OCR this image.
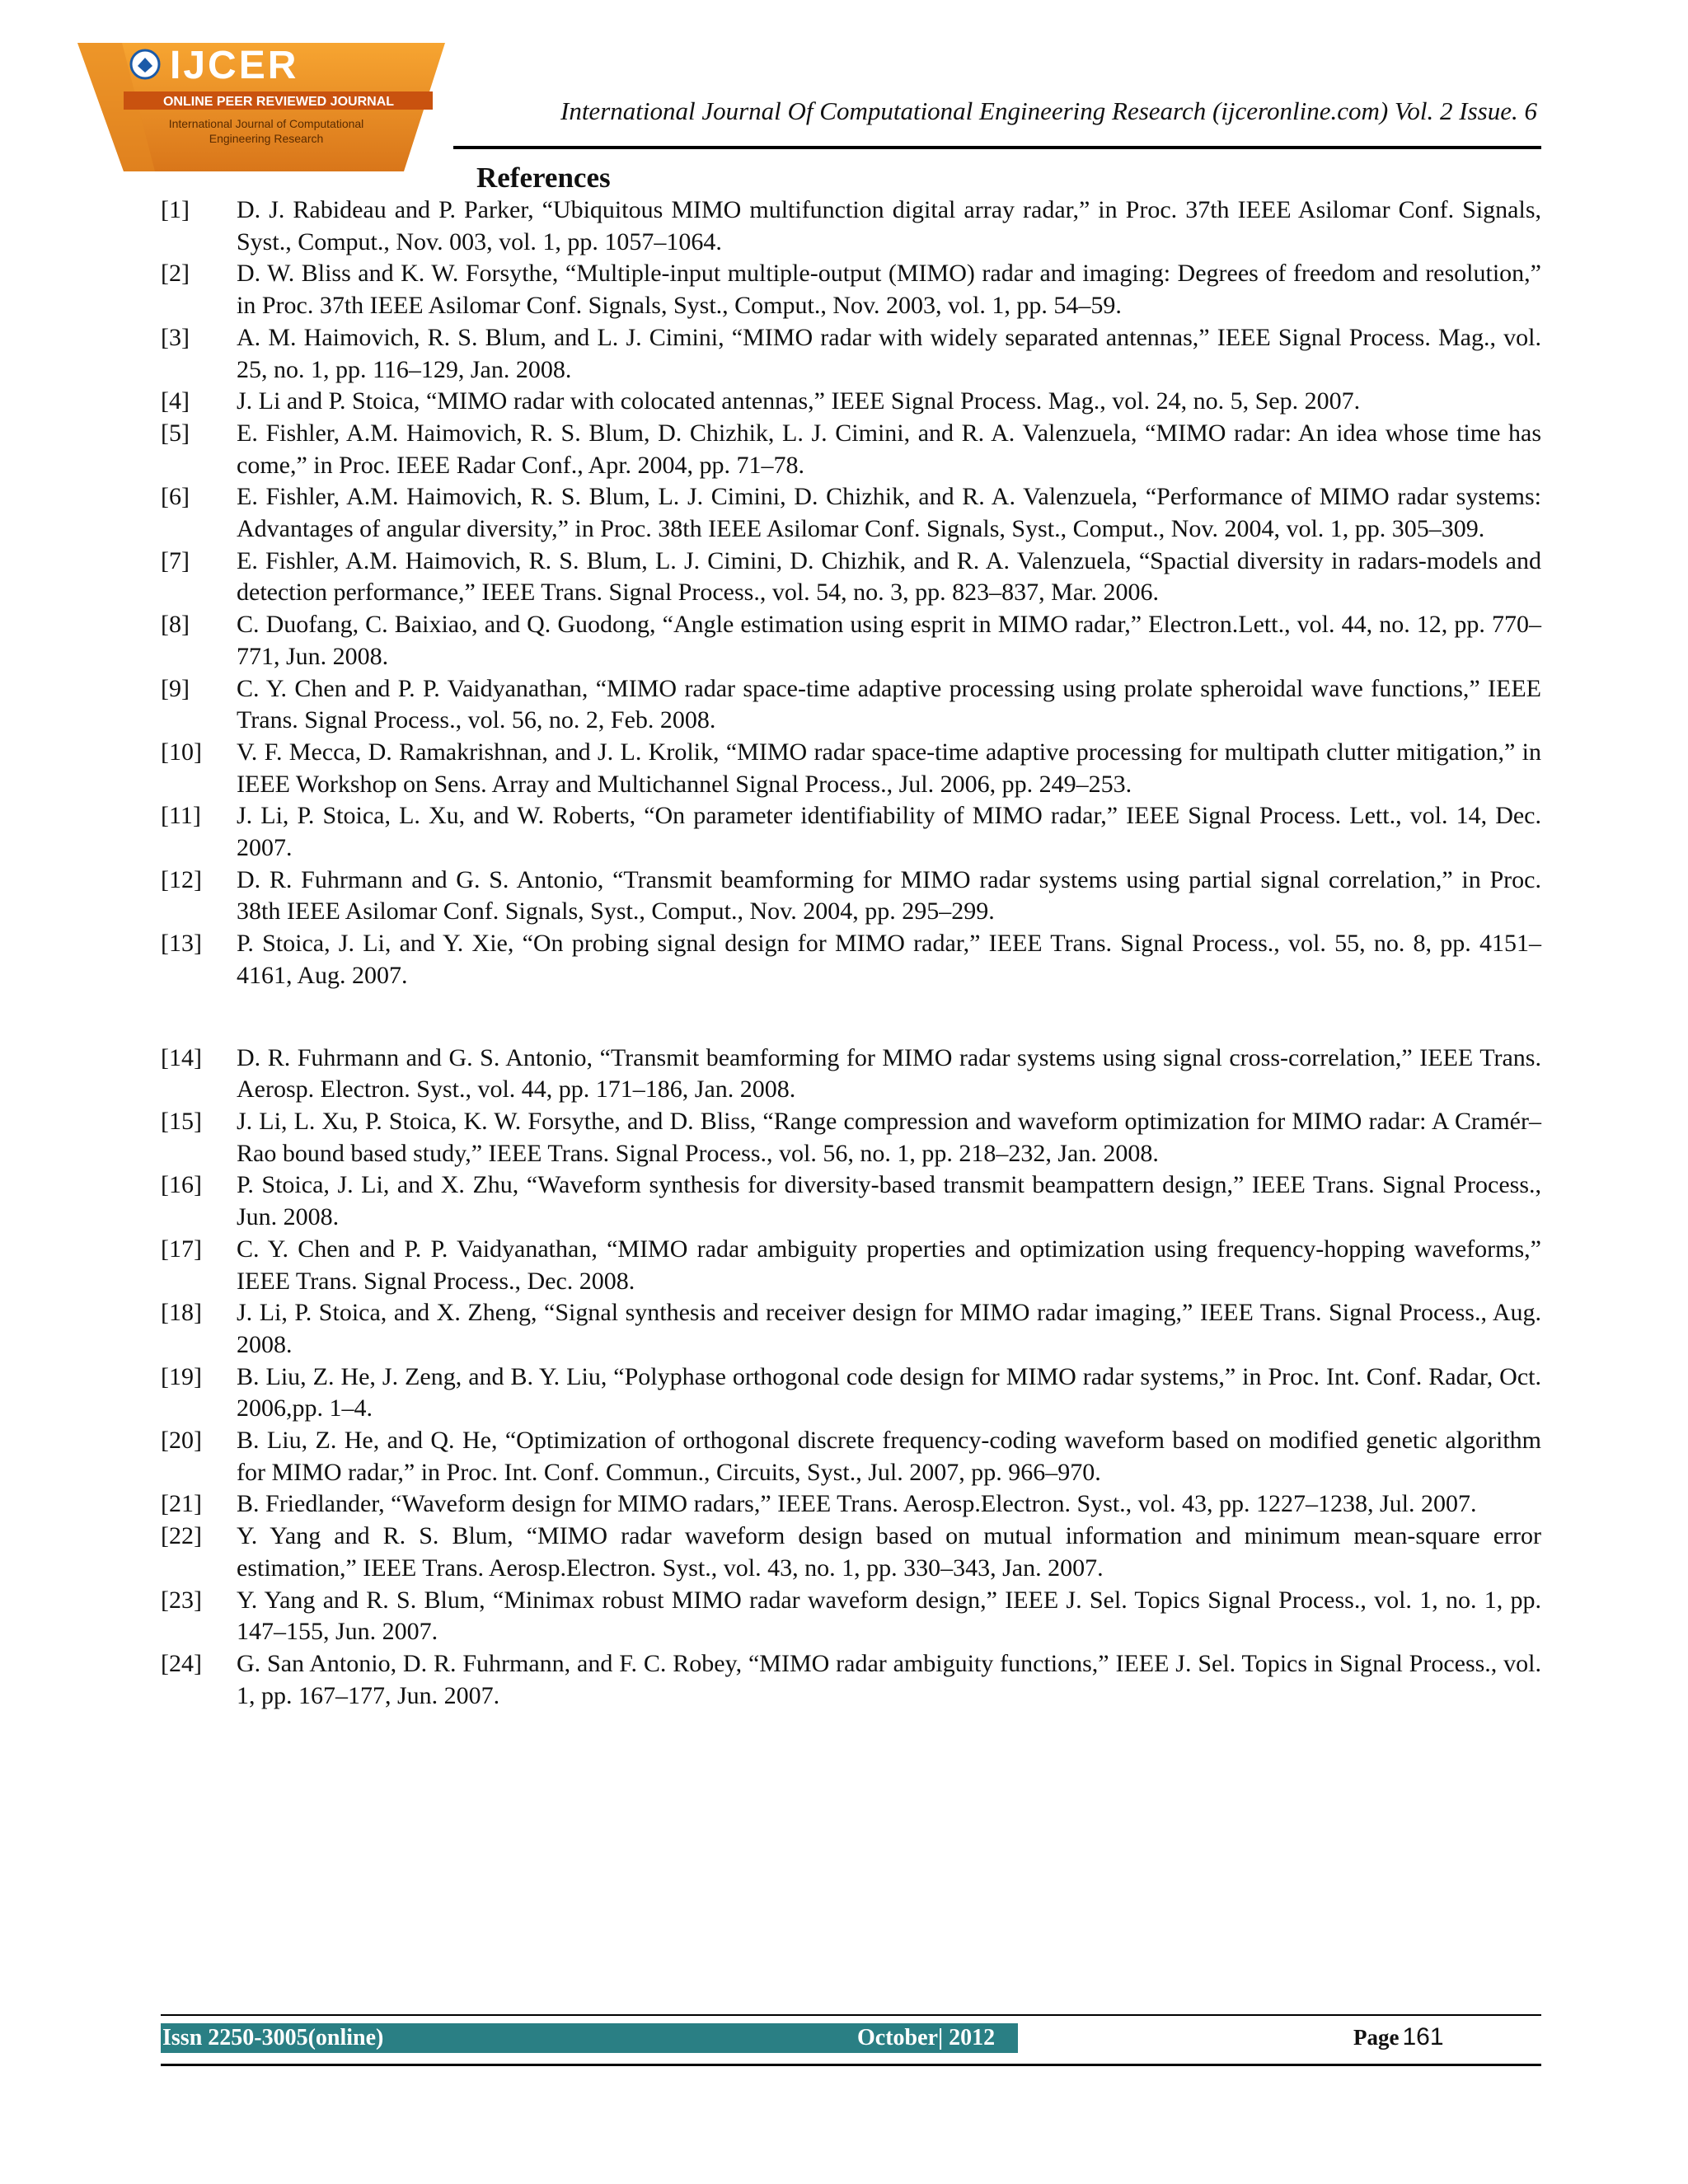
IJCER
ONLINE PEER REVIEWED JOURNAL
International Journal of Computational
Engineering Research
International Journal Of Computational Engineering Research (ijceronline.com) Vol. 2 Issue. 6
References
[1]	D. J. Rabideau and P. Parker, “Ubiquitous MIMO multifunction digital array radar,” in Proc. 37th IEEE Asilomar Conf. Signals, Syst., Comput., Nov. 003, vol. 1, pp. 1057–1064.
[2]	D. W. Bliss and K. W. Forsythe, “Multiple-input multiple-output (MIMO) radar and imaging: Degrees of freedom and resolution,” in Proc. 37th IEEE Asilomar Conf. Signals, Syst., Comput., Nov. 2003, vol. 1, pp. 54–59.
[3]	A. M. Haimovich, R. S. Blum, and L. J. Cimini, “MIMO radar with widely separated antennas,” IEEE Signal Process. Mag., vol. 25, no. 1, pp. 116–129, Jan. 2008.
[4]	J. Li and P. Stoica, “MIMO radar with colocated antennas,” IEEE Signal Process. Mag., vol. 24, no. 5, Sep. 2007.
[5]	E. Fishler, A.M. Haimovich, R. S. Blum, D. Chizhik, L. J. Cimini, and R. A. Valenzuela, “MIMO radar: An idea whose time has come,” in Proc. IEEE Radar Conf., Apr. 2004, pp. 71–78.
[6]	E. Fishler, A.M. Haimovich, R. S. Blum, L. J. Cimini, D. Chizhik, and R. A. Valenzuela, “Performance of MIMO radar systems: Advantages of angular diversity,” in Proc. 38th IEEE Asilomar Conf. Signals, Syst., Comput., Nov. 2004, vol. 1, pp. 305–309.
[7]	E. Fishler, A.M. Haimovich, R. S. Blum, L. J. Cimini, D. Chizhik, and R. A. Valenzuela, “Spactial diversity in radars-models and detection performance,” IEEE Trans. Signal Process., vol. 54, no. 3, pp. 823–837, Mar. 2006.
[8]	C. Duofang, C. Baixiao, and Q. Guodong, “Angle estimation using esprit in MIMO radar,” Electron.Lett., vol. 44, no. 12, pp. 770–771, Jun. 2008.
[9]	C. Y. Chen and P. P. Vaidyanathan, “MIMO radar space-time adaptive processing using prolate spheroidal wave functions,” IEEE Trans. Signal Process., vol. 56, no. 2, Feb. 2008.
[10]	V. F. Mecca, D. Ramakrishnan, and J. L. Krolik, “MIMO radar space-time adaptive processing for multipath clutter mitigation,” in IEEE Workshop on Sens. Array and Multichannel Signal Process., Jul. 2006, pp. 249–253.
[11]	J. Li, P. Stoica, L. Xu, and W. Roberts, “On parameter identifiability of MIMO radar,” IEEE Signal Process. Lett., vol. 14, Dec. 2007.
[12]	D. R. Fuhrmann and G. S. Antonio, “Transmit beamforming for MIMO radar systems using partial signal correlation,” in Proc. 38th IEEE Asilomar Conf. Signals, Syst., Comput., Nov. 2004, pp. 295–299.
[13]	P. Stoica, J. Li, and Y. Xie, “On probing signal design for MIMO radar,” IEEE Trans. Signal Process., vol. 55, no. 8, pp. 4151–4161, Aug. 2007.
[14]	D. R. Fuhrmann and G. S. Antonio, “Transmit beamforming for MIMO radar systems using signal cross-correlation,” IEEE Trans. Aerosp. Electron. Syst., vol. 44, pp. 171–186, Jan. 2008.
[15]	J. Li, L. Xu, P. Stoica, K. W. Forsythe, and D. Bliss, “Range compression and waveform optimization for MIMO radar: A Cramér–Rao bound based study,” IEEE Trans. Signal Process., vol. 56, no. 1, pp. 218–232, Jan. 2008.
[16]	P. Stoica, J. Li, and X. Zhu, “Waveform synthesis for diversity-based transmit beampattern design,” IEEE Trans. Signal Process., Jun. 2008.
[17]	C. Y. Chen and P. P. Vaidyanathan, “MIMO radar ambiguity properties and optimization using frequency-hopping waveforms,” IEEE Trans. Signal Process., Dec. 2008.
[18]	J. Li, P. Stoica, and X. Zheng, “Signal synthesis and receiver design for MIMO radar imaging,” IEEE Trans. Signal Process., Aug. 2008.
[19]	B. Liu, Z. He, J. Zeng, and B. Y. Liu, “Polyphase orthogonal code design for MIMO radar systems,” in Proc. Int. Conf. Radar, Oct. 2006,pp. 1–4.
[20]	B. Liu, Z. He, and Q. He, “Optimization of orthogonal discrete frequency-coding waveform based on modified genetic algorithm for MIMO radar,” in Proc. Int. Conf. Commun., Circuits, Syst., Jul. 2007, pp. 966–970.
[21]	B. Friedlander, “Waveform design for MIMO radars,” IEEE Trans. Aerosp.Electron. Syst., vol. 43, pp. 1227–1238, Jul. 2007.
[22]	Y. Yang and R. S. Blum, “MIMO radar waveform design based on mutual information and minimum mean-square error estimation,” IEEE Trans. Aerosp.Electron. Syst., vol. 43, no. 1, pp. 330–343, Jan. 2007.
[23]	Y. Yang and R. S. Blum, “Minimax robust MIMO radar waveform design,” IEEE J. Sel. Topics Signal Process., vol. 1, no. 1, pp. 147–155, Jun. 2007.
[24]	G. San Antonio, D. R. Fuhrmann, and F. C. Robey, “MIMO radar ambiguity functions,” IEEE J. Sel. Topics in Signal Process., vol. 1, pp. 167–177, Jun. 2007.
Issn 2250-3005(online)	October| 2012	Page 161
